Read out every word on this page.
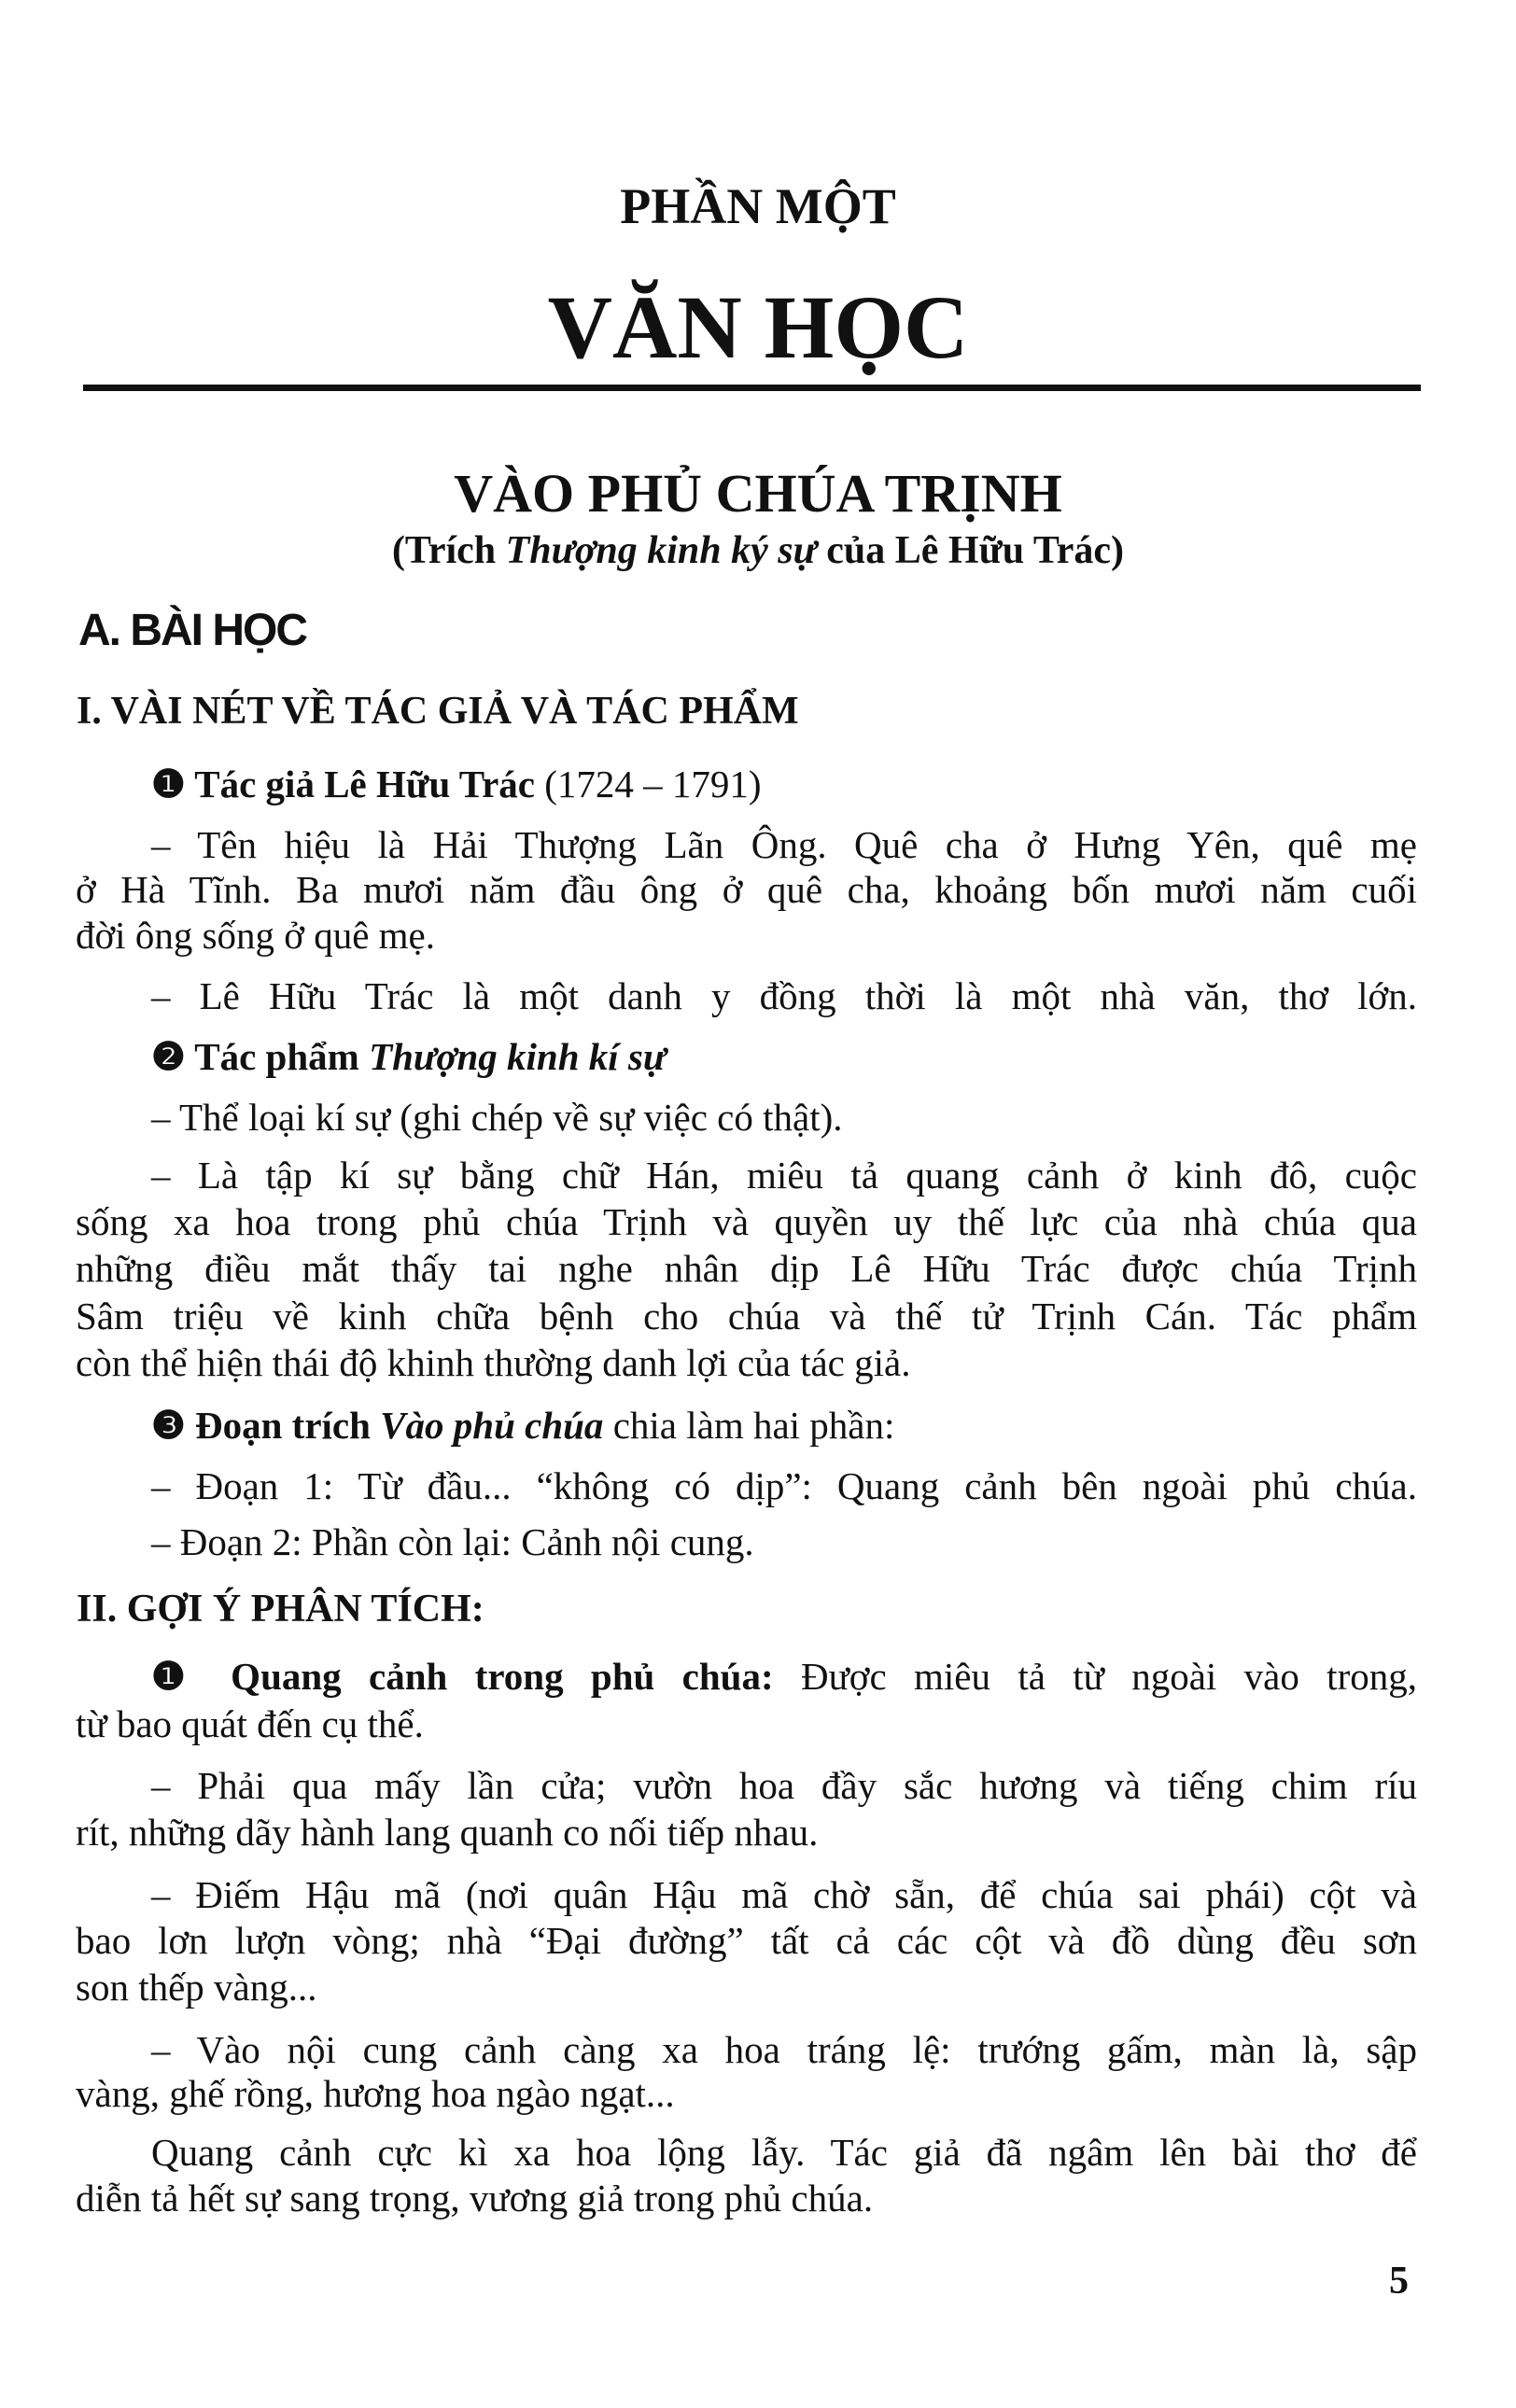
PHẦN MỘT
VĂN HỌC
VÀO PHỦ CHÚA TRỊNH
(Trích Thượng kinh ký sự của Lê Hữu Trác)
A. BÀI HỌC
I. VÀI NÉT VỀ TÁC GIẢ VÀ TÁC PHẨM
II. GỢI Ý PHÂN TÍCH:
❶ Tác giả Lê Hữu Trác (1724 – 1791)
– Tên hiệu là Hải Thượng Lãn Ông. Quê cha ở Hưng Yên, quê mẹ
ở Hà Tĩnh. Ba mươi năm đầu ông ở quê cha, khoảng bốn mươi năm cuối
đời ông sống ở quê mẹ.
– Lê Hữu Trác là một danh y đồng thời là một nhà văn, thơ lớn.
❷ Tác phẩm Thượng kinh kí sự
– Thể loại kí sự (ghi chép về sự việc có thật).
– Là tập kí sự bằng chữ Hán, miêu tả quang cảnh ở kinh đô, cuộc
sống xa hoa trong phủ chúa Trịnh và quyền uy thế lực của nhà chúa qua
những điều mắt thấy tai nghe nhân dịp Lê Hữu Trác được chúa Trịnh
Sâm triệu về kinh chữa bệnh cho chúa và thế tử Trịnh Cán. Tác phẩm
còn thể hiện thái độ khinh thường danh lợi của tác giả.
❸ Đoạn trích Vào phủ chúa chia làm hai phần:
– Đoạn 1: Từ đầu... “không có dịp”: Quang cảnh bên ngoài phủ chúa.
– Đoạn 2: Phần còn lại: Cảnh nội cung.
❶ Quang cảnh trong phủ chúa: Được miêu tả từ ngoài vào trong,
từ bao quát đến cụ thể.
– Phải qua mấy lần cửa; vườn hoa đầy sắc hương và tiếng chim ríu
rít, những dãy hành lang quanh co nối tiếp nhau.
– Điếm Hậu mã (nơi quân Hậu mã chờ sẵn, để chúa sai phái) cột và
bao lơn lượn vòng; nhà “Đại đường” tất cả các cột và đồ dùng đều sơn
son thếp vàng...
– Vào nội cung cảnh càng xa hoa tráng lệ: trướng gấm, màn là, sập
vàng, ghế rồng, hương hoa ngào ngạt...
Quang cảnh cực kì xa hoa lộng lẫy. Tác giả đã ngâm lên bài thơ để
diễn tả hết sự sang trọng, vương giả trong phủ chúa.
5
